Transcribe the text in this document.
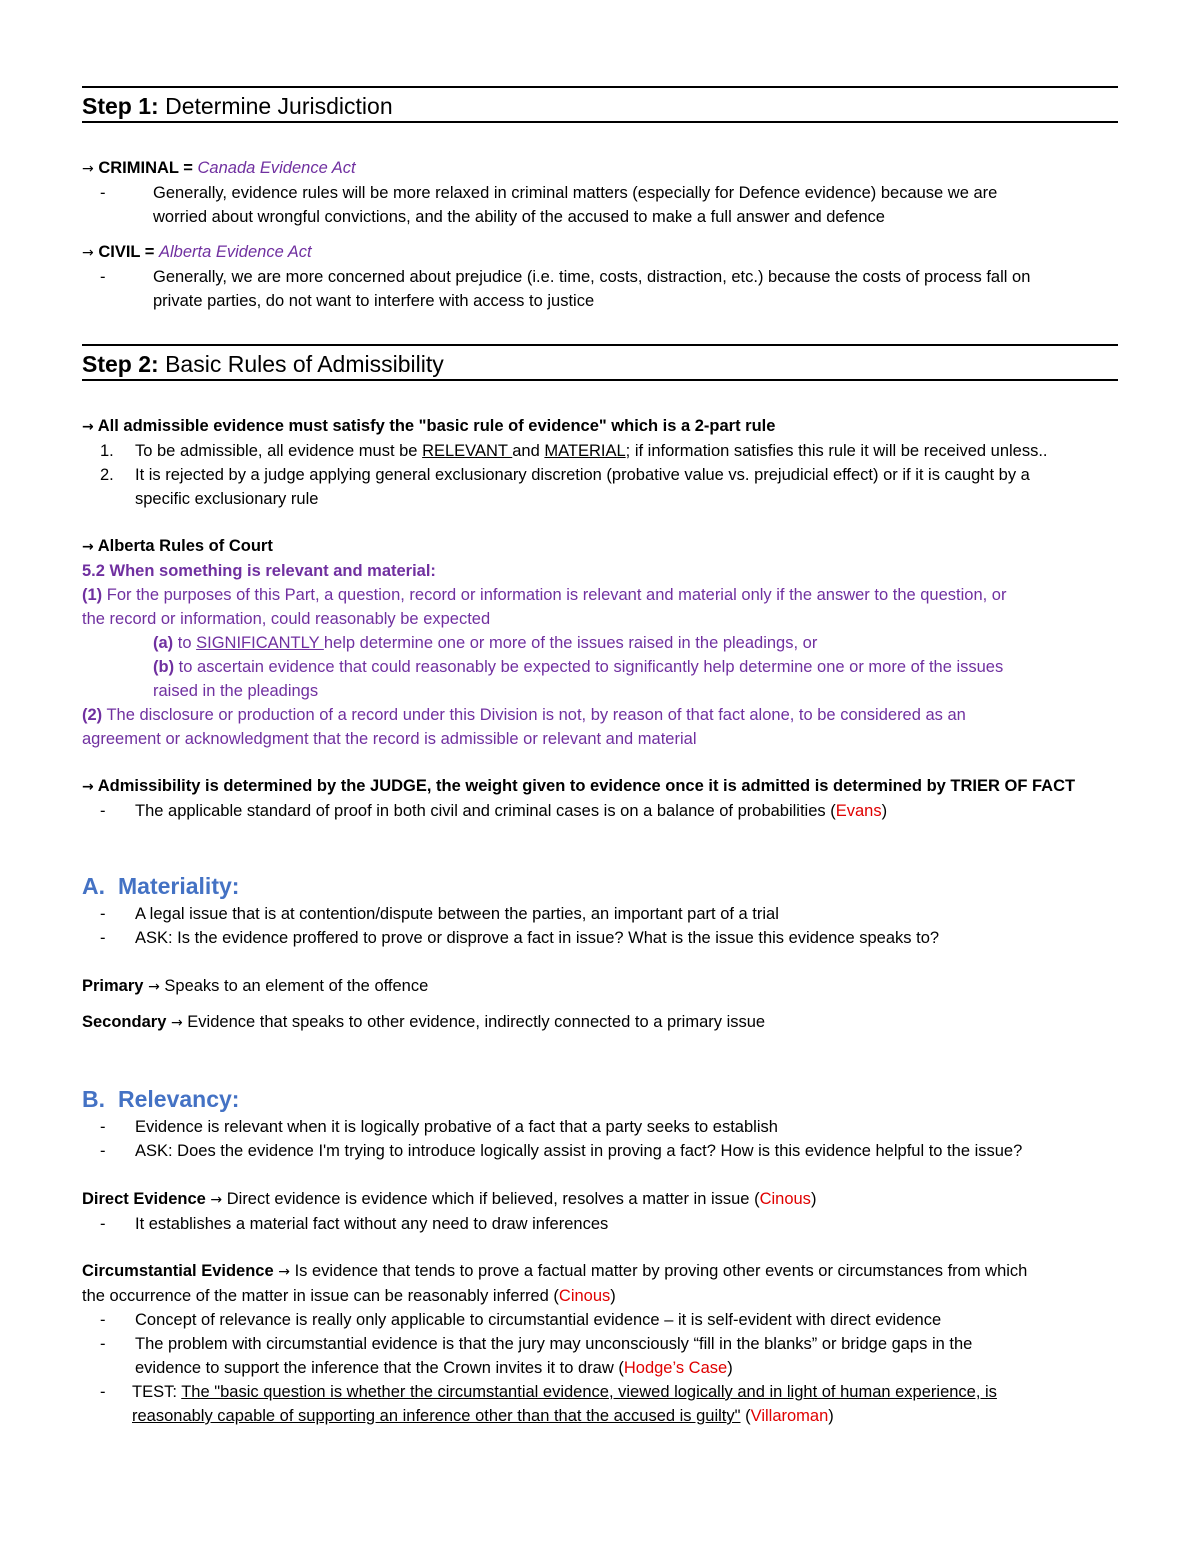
Step 1: Determine Jurisdiction
→ CRIMINAL = Canada Evidence Act
-	Generally, evidence rules will be more relaxed in criminal matters (especially for Defence evidence) because we are
worried about wrongful convictions, and the ability of the accused to make a full answer and defence
→ CIVIL = Alberta Evidence Act
-	Generally, we are more concerned about prejudice (i.e. time, costs, distraction, etc.) because the costs of process fall on
private parties, do not want to interfere with access to justice
Step 2: Basic Rules of Admissibility
→ All admissible evidence must satisfy the "basic rule of evidence" which is a 2-part rule
1. To be admissible, all evidence must be RELEVANT and MATERIAL; if information satisfies this rule it will be received unless..
2. It is rejected by a judge applying general exclusionary discretion (probative value vs. prejudicial effect) or if it is caught by a
specific exclusionary rule
→ Alberta Rules of Court
5.2 When something is relevant and material:
(1) For the purposes of this Part, a question, record or information is relevant and material only if the answer to the question, or
the record or information, could reasonably be expected
(a) to SIGNIFICANTLY help determine one or more of the issues raised in the pleadings, or
(b) to ascertain evidence that could reasonably be expected to significantly help determine one or more of the issues
raised in the pleadings
(2) The disclosure or production of a record under this Division is not, by reason of that fact alone, to be considered as an
agreement or acknowledgment that the record is admissible or relevant and material
→ Admissibility is determined by the JUDGE, the weight given to evidence once it is admitted is determined by TRIER OF FACT
- The applicable standard of proof in both civil and criminal cases is on a balance of probabilities (Evans)
A. Materiality:
- A legal issue that is at contention/dispute between the parties, an important part of a trial
- ASK: Is the evidence proffered to prove or disprove a fact in issue? What is the issue this evidence speaks to?
Primary → Speaks to an element of the offence
Secondary → Evidence that speaks to other evidence, indirectly connected to a primary issue
B. Relevancy:
- Evidence is relevant when it is logically probative of a fact that a party seeks to establish
- ASK: Does the evidence I'm trying to introduce logically assist in proving a fact? How is this evidence helpful to the issue?
Direct Evidence → Direct evidence is evidence which if believed, resolves a matter in issue (Cinous)
- It establishes a material fact without any need to draw inferences
Circumstantial Evidence → Is evidence that tends to prove a factual matter by proving other events or circumstances from which
the occurrence of the matter in issue can be reasonably inferred (Cinous)
- Concept of relevance is really only applicable to circumstantial evidence – it is self-evident with direct evidence
- The problem with circumstantial evidence is that the jury may unconsciously “fill in the blanks” or bridge gaps in the
evidence to support the inference that the Crown invites it to draw (Hodge’s Case)
- TEST: The "basic question is whether the circumstantial evidence, viewed logically and in light of human experience, is
reasonably capable of supporting an inference other than that the accused is guilty" (Villaroman)
